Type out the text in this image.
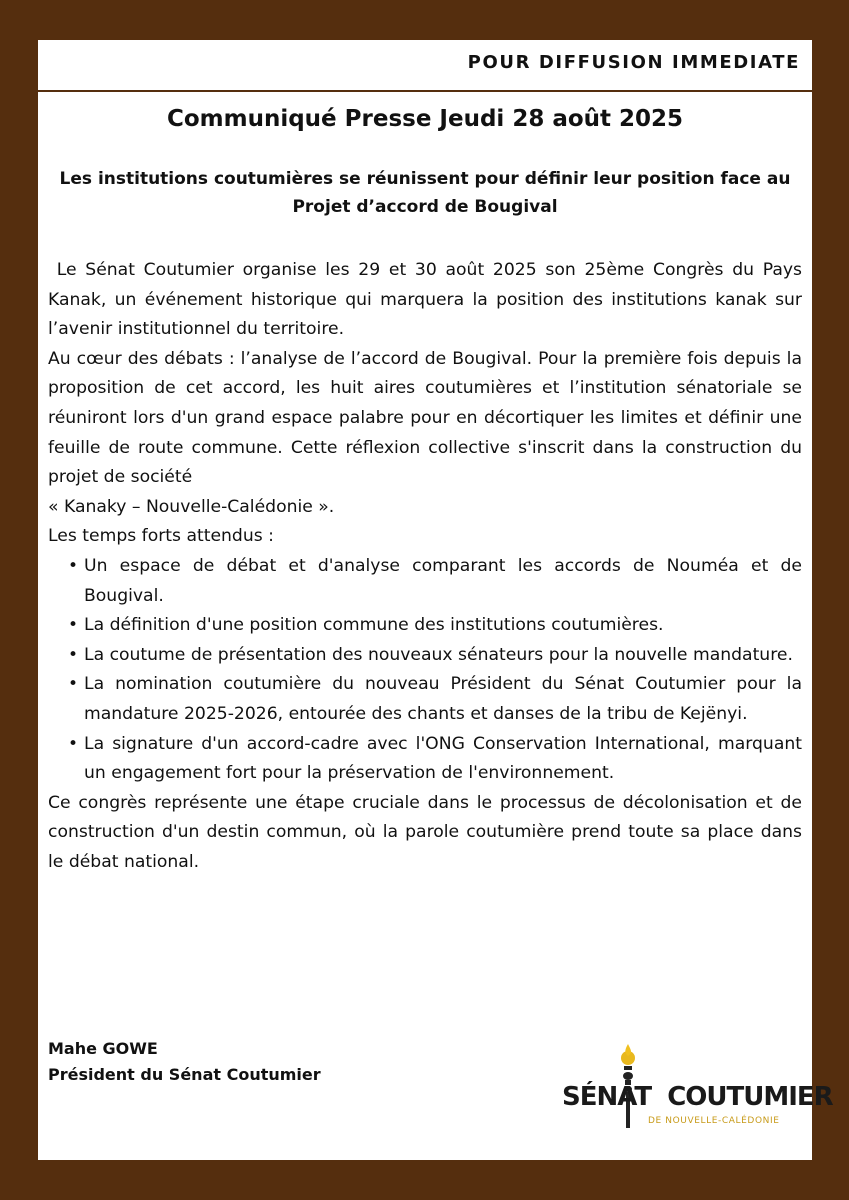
POUR DIFFUSION IMMEDIATE
Communiqué Presse Jeudi 28 août 2025
Les institutions coutumières se réunissent pour définir leur position face au Projet d’accord de Bougival

Le Sénat Coutumier organise les 29 et 30 août 2025 son 25ème Congrès du Pays Kanak, un événement historique qui marquera la position des institutions kanak sur l’avenir institutionnel du territoire.

Au cœur des débats : l’analyse de l’accord de Bougival. Pour la première fois depuis la proposition de cet accord, les huit aires coutumières et l’institution sénatoriale se réuniront lors d'un grand espace palabre pour en décortiquer les limites et définir une feuille de route commune. Cette réflexion collective s'inscrit dans la construction du projet de société

« Kanaky – Nouvelle-Calédonie ».

Les temps forts attendus :

• Un espace de débat et d'analyse comparant les accords de Nouméa et de Bougival.
• La définition d'une position commune des institutions coutumières.
• La coutume de présentation des nouveaux sénateurs pour la nouvelle mandature.
• La nomination coutumière du nouveau Président du Sénat Coutumier pour la mandature 2025-2026, entourée des chants et danses de la tribu de Kejënyi.
• La signature d'un accord-cadre avec l'ONG Conservation International, marquant un engagement fort pour la préservation de l'environnement.

Ce congrès représente une étape cruciale dans le processus de décolonisation et de construction d'un destin commun, où la parole coutumière prend toute sa place dans le débat national.

Mahe GOWE
Président du Sénat Coutumier
SÉNAT COUTUMIER
DE NOUVELLE-CALÉDONIE
